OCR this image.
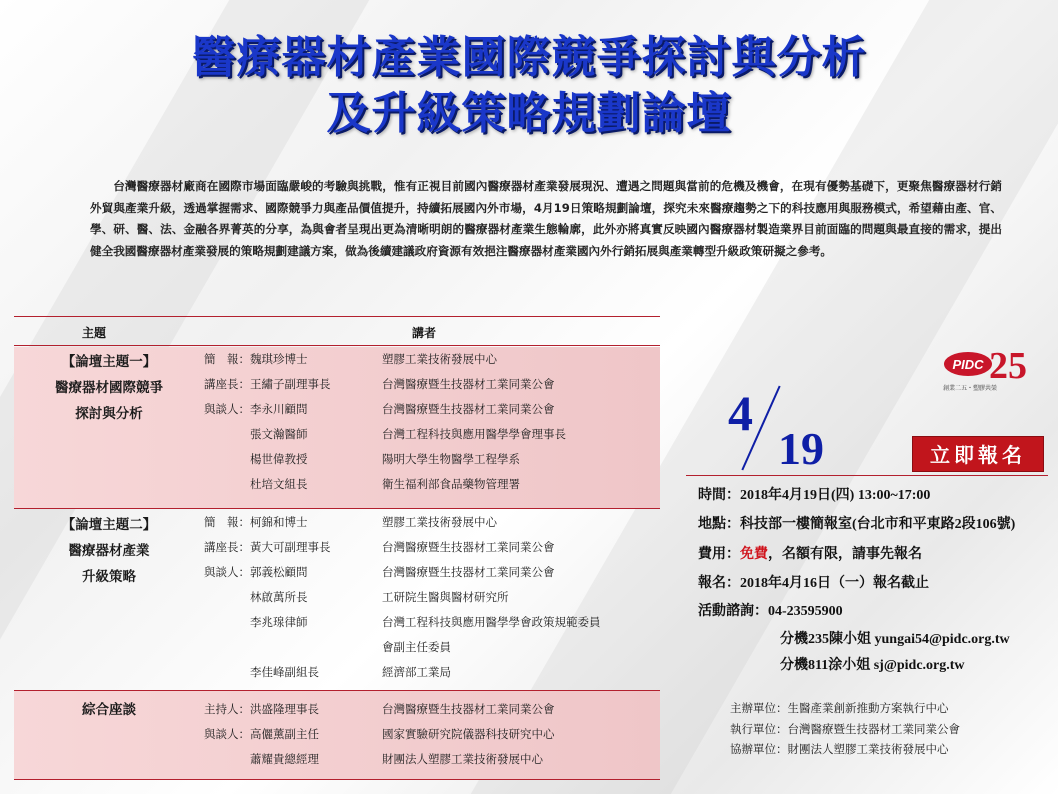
醫療器材產業國際競爭探討與分析
及升級策略規劃論壇

台灣醫療器材廠商在國際市場面臨嚴峻的考驗與挑戰，惟有正視目前國內醫療器材產業發展現況、遭遇之問題與當前的危機及機會，在現有優勢基礎下，更聚焦醫療器材行銷外貿與產業升級，透過掌握需求、國際競爭力與產品價值提升，持續拓展國內外市場，4月19日策略規劃論壇，探究未來醫療趨勢之下的科技應用與服務模式，希望藉由產、官、學、研、醫、法、金融各界菁英的分享，為與會者呈現出更為清晰明朗的醫療器材產業生態輪廓，此外亦將真實反映國內醫療器材製造業界目前面臨的問題與最直接的需求，提出健全我國醫療器材產業發展的策略規劃建議方案，做為後續建議政府資源有效挹注醫療器材產業國內外行銷拓展與產業轉型升級政策研擬之參考。

主題	講者
【論壇主題一】
醫療器材國際競爭
探討與分析
簡　報：魏琪珍博士	塑膠工業技術發展中心
講座長：王繡子副理事長	台灣醫療暨生技器材工業同業公會
與談人：李永川顧問	台灣醫療暨生技器材工業同業公會
　　　　張文瀚醫師	台灣工程科技與應用醫學學會理事長
　　　　楊世偉教授	陽明大學生物醫學工程學系
　　　　杜培文組長	衛生福利部食品藥物管理署
【論壇主題二】
醫療器材產業
升級策略
簡　報：柯錦和博士	塑膠工業技術發展中心
講座長：黃大可副理事長	台灣醫療暨生技器材工業同業公會
與談人：郭義松顧問	台灣醫療暨生技器材工業同業公會
　　　　林啟萬所長	工研院生醫與醫材研究所
　　　　李兆瑔律師	台灣工程科技與應用醫學學會政策規範委員
會副主任委員
　　　　李佳峰副組長	經濟部工業局
綜合座談	主持人：洪盛隆理事長	台灣醫療暨生技器材工業同業公會
與談人：高儷薰副主任	國家實驗研究院儀器科技研究中心
　　　　蕭耀貴總經理	財團法人塑膠工業技術發展中心
PIDC 25
創業二五・塑膠共榮
4
19	立即報名
時間：2018年4月19日(四) 13:00~17:00
地點：科技部一樓簡報室(台北市和平東路2段106號)
費用：免費，名額有限，請事先報名
報名：2018年4月16日（一）報名截止
活動諮詢：04-23595900
分機235陳小姐 yungai54@pidc.org.tw
分機811涂小姐 sj@pidc.org.tw
主辦單位：生醫產業創新推動方案執行中心
執行單位：台灣醫療暨生技器材工業同業公會
協辦單位：財團法人塑膠工業技術發展中心
